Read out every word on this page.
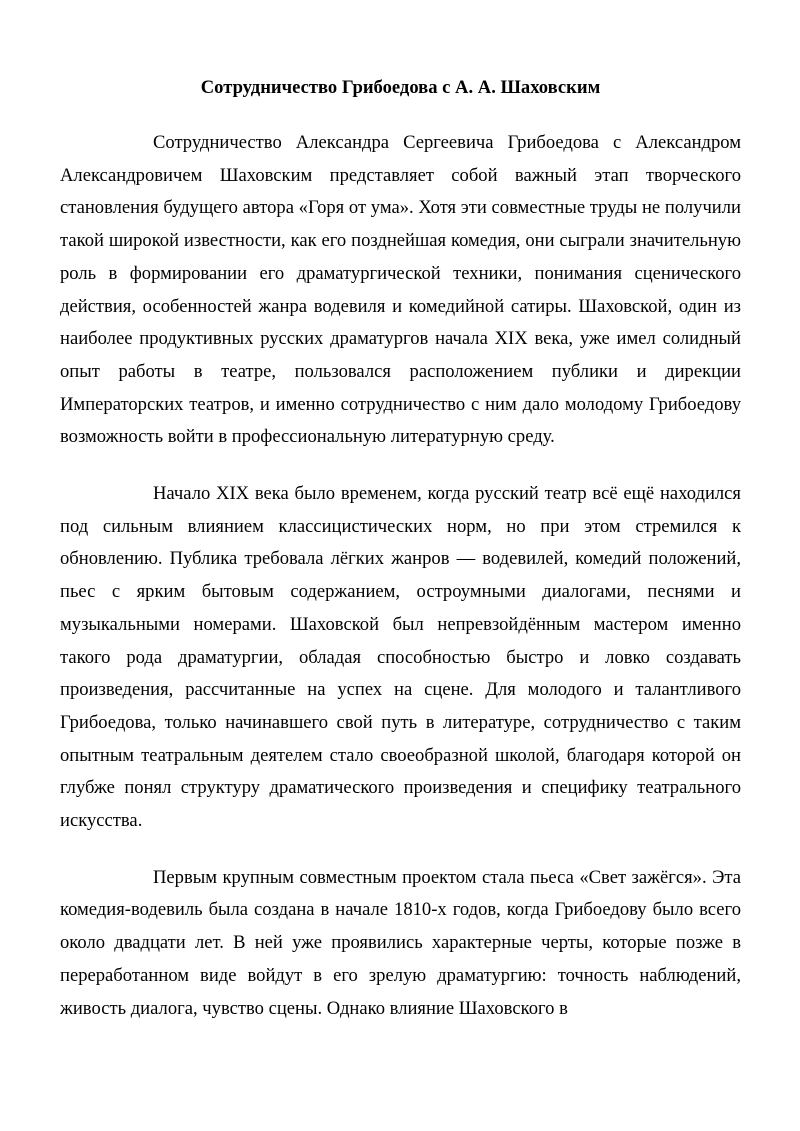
Сотрудничество Грибоедова с А. А. Шаховским

Сотрудничество Александра Сергеевича Грибоедова с Александром Александровичем Шаховским представляет собой важный этап творческого становления будущего автора «Горя от ума». Хотя эти совместные труды не получили такой широкой известности, как его позднейшая комедия, они сыграли значительную роль в формировании его драматургической техники, понимания сценического действия, особенностей жанра водевиля и комедийной сатиры. Шаховской, один из наиболее продуктивных русских драматургов начала XIX века, уже имел солидный опыт работы в театре, пользовался расположением публики и дирекции Императорских театров, и именно сотрудничество с ним дало молодому Грибоедову возможность войти в профессиональную литературную среду.

Начало XIX века было временем, когда русский театр всё ещё находился под сильным влиянием классицистических норм, но при этом стремился к обновлению. Публика требовала лёгких жанров — водевилей, комедий положений, пьес с ярким бытовым содержанием, остроумными диалогами, песнями и музыкальными номерами. Шаховской был непревзойдённым мастером именно такого рода драматургии, обладая способностью быстро и ловко создавать произведения, рассчитанные на успех на сцене. Для молодого и талантливого Грибоедова, только начинавшего свой путь в литературе, сотрудничество с таким опытным театральным деятелем стало своеобразной школой, благодаря которой он глубже понял структуру драматического произведения и специфику театрального искусства.

Первым крупным совместным проектом стала пьеса «Свет зажёгся». Эта комедия-водевиль была создана в начале 1810-х годов, когда Грибоедову было всего около двадцати лет. В ней уже проявились характерные черты, которые позже в переработанном виде войдут в его зрелую драматургию: точность наблюдений, живость диалога, чувство сцены. Однако влияние Шаховского в
